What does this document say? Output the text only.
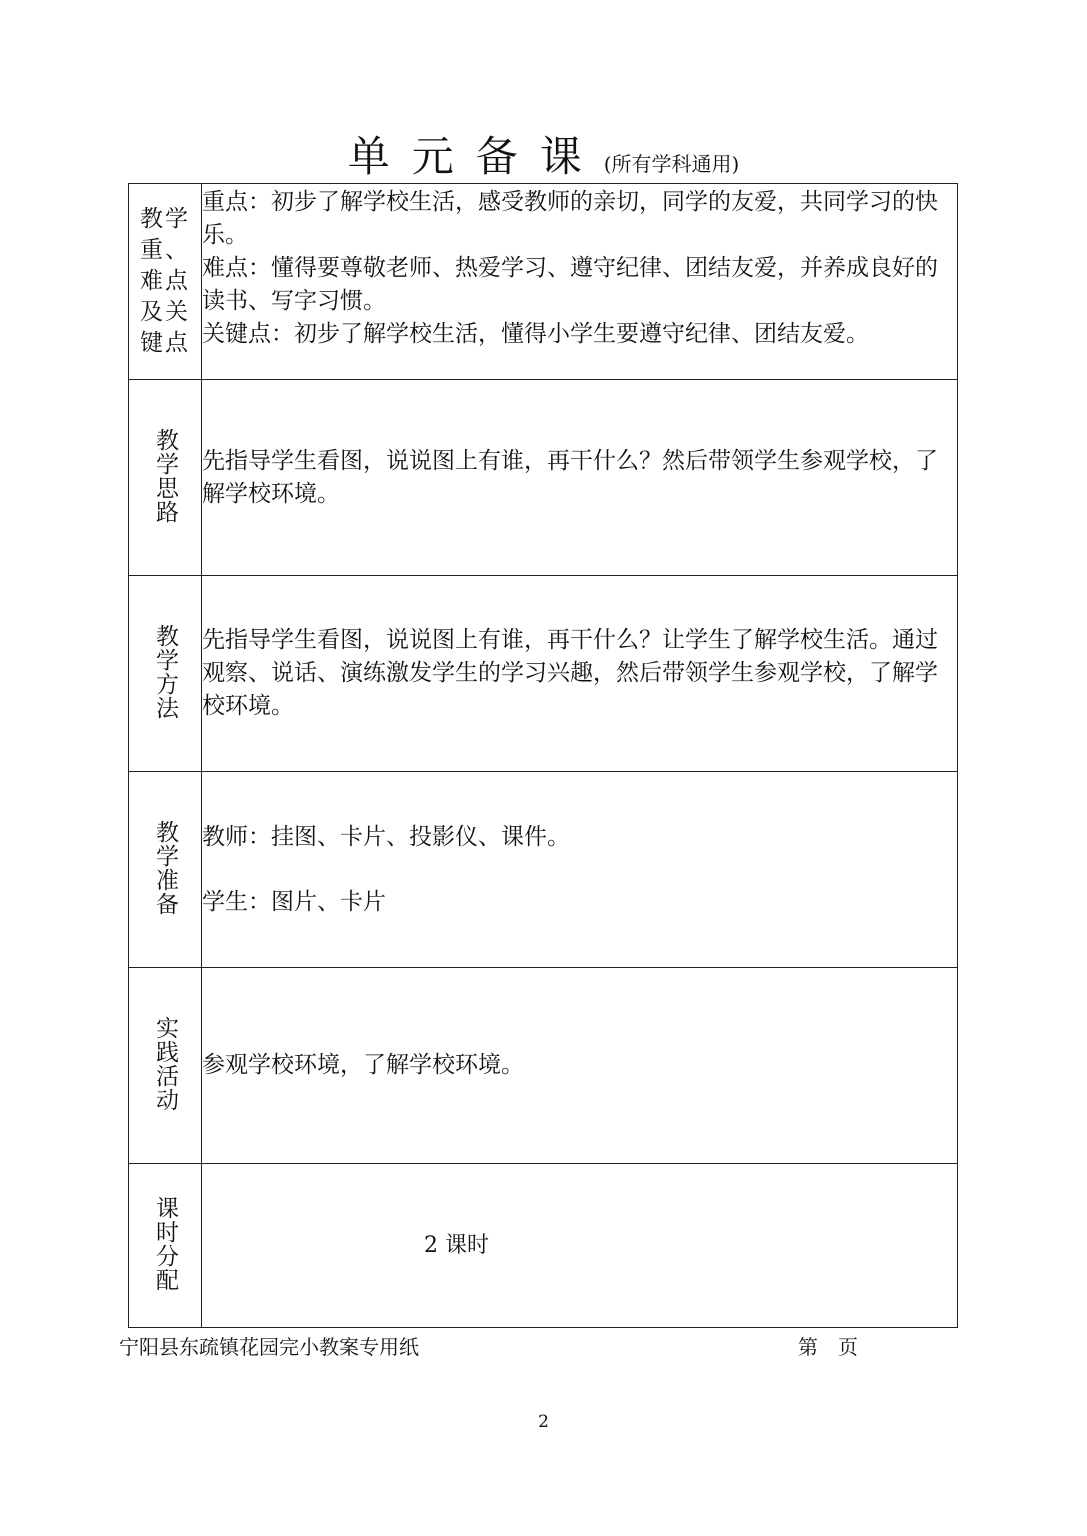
单元备课(所有学科通用)
教学重、难点及关键点	重点：初步了解学校生活，感受教师的亲切，同学的友爱，共同学习的快乐。
难点：懂得要尊敬老师、热爱学习、遵守纪律、团结友爱，并养成良好的读书、写字习惯。
关键点：初步了解学校生活，懂得小学生要遵守纪律、团结友爱。

教学思路	先指导学生看图，说说图上有谁，再干什么？然后带领学生参观学校，了解学校环境。

教学方法	先指导学生看图，说说图上有谁，再干什么？让学生了解学校生活。通过观察、说话、演练激发学生的学习兴趣，然后带领学生参观学校，了解学校环境。

教学准备	教师：挂图、卡片、投影仪、课件。
学生：图片、卡片

实践活动	参观学校环境，了解学校环境。

课时分配	2 课时
宁阳县东疏镇花园完小教案专用纸	第　页
2
